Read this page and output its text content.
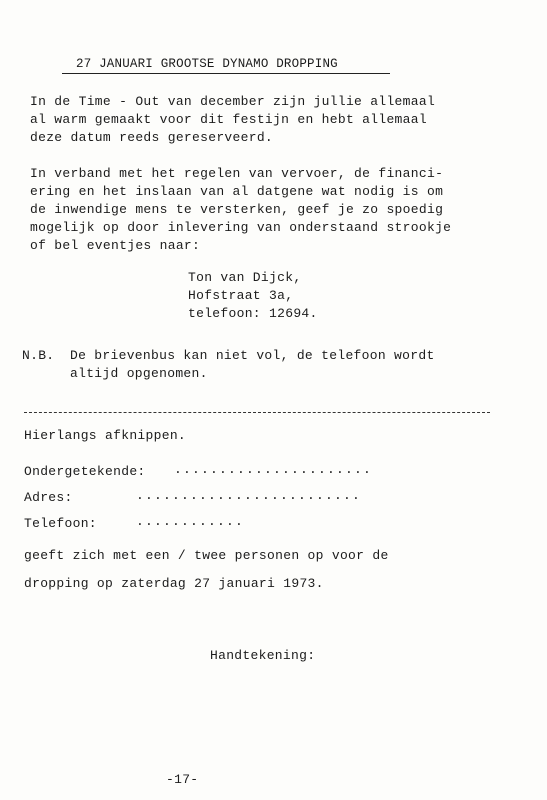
27 JANUARI GROOTSE DYNAMO DROPPING
In de Time - Out van december zijn jullie allemaal
al warm gemaakt voor dit festijn en hebt allemaal
deze datum reeds gereserveerd.
In verband met het regelen van vervoer, de financi-
ering en het inslaan van al datgene wat nodig is om
de inwendige mens te versterken, geef je zo spoedig
mogelijk op door inlevering van onderstaand strookje
of bel eventjes naar:
Ton van Dijck,
Hofstraat 3a,
telefoon: 12694.
N.B. De brievenbus kan niet vol, de telefoon wordt
altijd opgenomen.
Hierlangs afknippen.
Ondergetekende: ......................
Adres:	.........................
Telefoon:	............
geeft zich met een / twee personen op voor de
dropping op zaterdag 27 januari 1973.
Handtekening:
-17-
